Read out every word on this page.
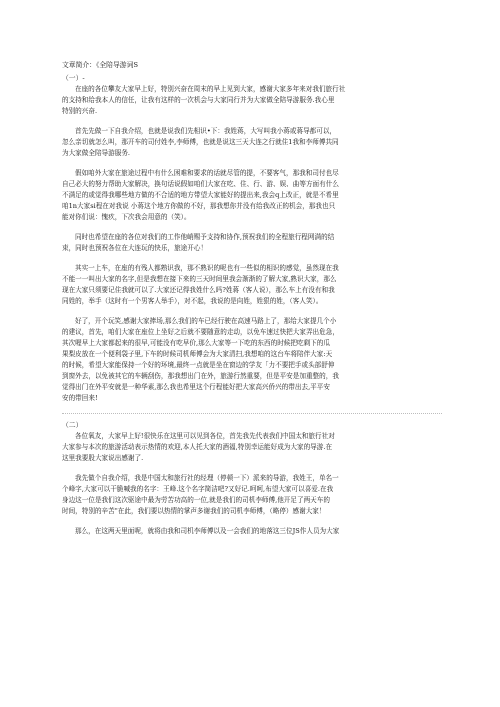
文章简介：《全陪导游词S
（一）-
在座的各位攀友大家早上好，特别兴奋在周末的早上见到大家，感谢大家多年来对我们旅行社
的支持和给我本人的信任，让我有这样的一次机会与大家同行并为大家做全陪导游服务.我心里
特别的兴奋.
首先先做一下自我介绍，也就是说我们先相识•下：我姓蒋，大写叫我小蒋或蒋导都可以，
忽么亲切就怎么叫，那开车的司付姓李,李师傅，也就是说这三天大连之行就住1我和李师傅共同
为大家做全陪导游服务.
假如咱外大家在旅途过程中有什么困难和要求的话就尽管的提，不要客气，那我和司付也尽
自己必大的努力帮助大家解决，换句话说假如咱们大家在吃、住、行、游、娱、曲等方面有什么
不满足的或觉得我哪些地方做的不合适的地方带望大家能好的提出来,我会q上改正，就是不希里
咱1n大家si程在对我说 小蒋这个地方你做的不好，那我想你并没有给我改正的机会，那我也只
能对你们说：愧疚，下次我会用意的（笑）。
同时也希望在座的各位对我们的工作他峭赐予支持和协作,预祝我们的全程旅行程网满的结
束，同时也预祝各位在大连玩的快乐，旅途开心！
其实一上车，在座的有残人都熟识我，那不熟识的呢也有一些似的相识的感觉，虽然现在我
不能一一叫出大家的名字,但是我想在接下来的三天时间里我会渐渐的了解大家,熟识大家，那么
现在大家只须要记住我就可以了.大家还记得我姓什么吗?姓蒋（客人说），那么车上有没有和我
同姓的，举手（这时有一个男客人举手），对不起，我说的是向姓，姓狠的姓，（客人笑）。
好了，开个玩笑,感谢大家捧场,那么我们的车已经行驶在高速马路上了，那给大家提几个小
的建议，首先，咱们大家在座位上坐好之后就不要随意的走动，以免车速过快把大家弄出危急，
其次喔早上大家都起来的很早,可能没有吃早价,那么大家等一下吃的东西的时候把吃剩下的瓜
果梨皮放在一个便利袋子里,下车的时候司机师傅会为大家清扫,我想咱的这台车将陪伴大家:天
的时候，希望大家能保持一个好的环境,最终一点就是坐在窗边的学友「力不要把手或头部舒伸
到窗外去，以免被其它的车辆刮伤，那我想出门在外，旅游行然重要，但是平安是加重整的，我
觉得出门在外平安就是一种华素,那么我也希里这个行程能好把大家高兴侨兴的带出去,平平安
安的带回来!
（二）
各位氧友，大家早上好!很快乐在这里可以见到各位，首先我先代表我们中国太和旅行社对
大家参与本次的旅游活动表示热情的欢迎,本人托大家的酒福,特别幸运能好成为大家的导游.在
这里我要股大家说出感谢了.
我先做个自我介绍，我是中国太和旅行社的经理（停顿一下）派来的导游，我姓王，单名一
个峰字,大家可以干脆喊我的名字：王峰.这个名字简洁吧?又好记.呵呵,布望大家可以喜爱.在我
身边这一位是我们这次驱途中最为劳苦功高的一位,就是我们的司机李师傅,他开足了两天车的
时间，特别的辛苦"在此，我们要以热情的掌声多谢我们的司机李师傅，（略停）感谢大家！
那么，在这两天里面呢，就将由我和司机李师傅以及一会我们的地落这三位JS作人员为大家
